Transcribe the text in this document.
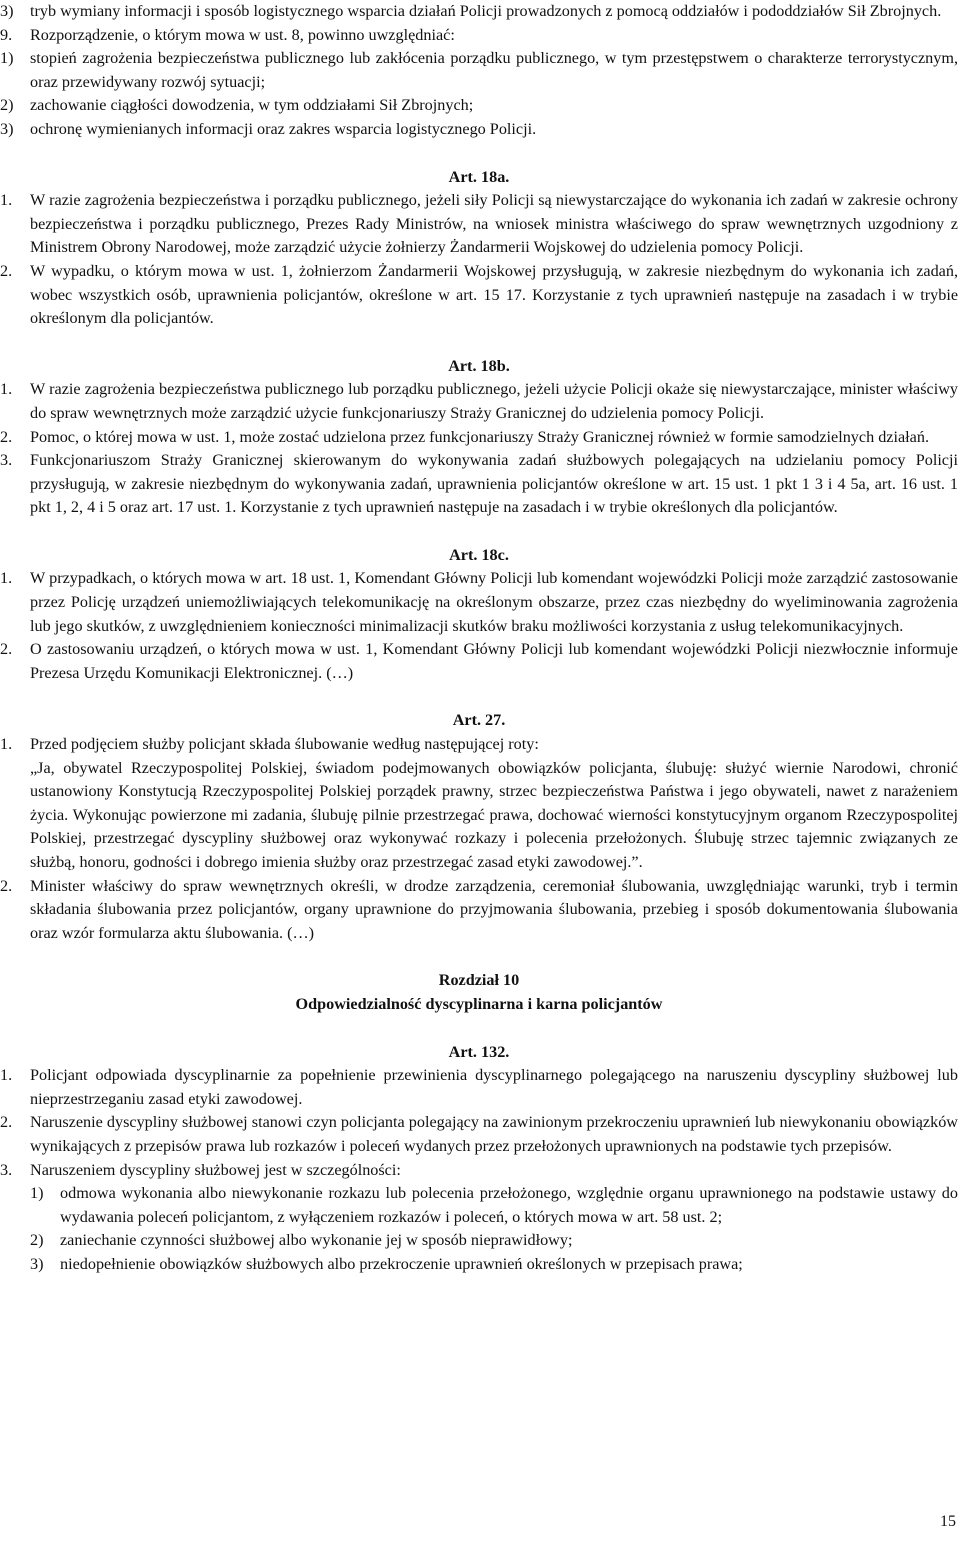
3)	tryb wymiany informacji i sposób logistycznego wsparcia działań Policji prowadzonych z pomocą oddziałów i pododdziałów Sił Zbrojnych.
9.	Rozporządzenie, o którym mowa w ust. 8, powinno uwzględniać:
1)	stopień zagrożenia bezpieczeństwa publicznego lub zakłócenia porządku publicznego, w tym przestępstwem o charakterze terrorystycznym, oraz przewidywany rozwój sytuacji;
2)	zachowanie ciągłości dowodzenia, w tym oddziałami Sił Zbrojnych;
3)	ochronę wymienianych informacji oraz zakres wsparcia logistycznego Policji.

Art. 18a.

1.	W razie zagrożenia bezpieczeństwa i porządku publicznego, jeżeli siły Policji są niewystarczające do wykonania ich zadań w zakresie ochrony bezpieczeństwa i porządku publicznego, Prezes Rady Ministrów, na wniosek ministra właściwego do spraw wewnętrznych uzgodniony z Ministrem Obrony Narodowej, może zarządzić użycie żołnierzy Żandarmerii Wojskowej do udzielenia pomocy Policji.
2.	W wypadku, o którym mowa w ust. 1, żołnierzom Żandarmerii Wojskowej przysługują, w zakresie niezbędnym do wykonania ich zadań, wobec wszystkich osób, uprawnienia policjantów, określone w art. 15 17. Korzystanie z tych uprawnień następuje na zasadach i w trybie określonym dla policjantów.

Art. 18b.

1.	W razie zagrożenia bezpieczeństwa publicznego lub porządku publicznego, jeżeli użycie Policji okaże się niewystarczające, minister właściwy do spraw wewnętrznych może zarządzić użycie funkcjonariuszy Straży Granicznej do udzielenia pomocy Policji.
2.	Pomoc, o której mowa w ust. 1, może zostać udzielona przez funkcjonariuszy Straży Granicznej również w formie samodzielnych działań.
3.	Funkcjonariuszom Straży Granicznej skierowanym do wykonywania zadań służbowych polegających na udzielaniu pomocy Policji przysługują, w zakresie niezbędnym do wykonywania zadań, uprawnienia policjantów określone w art. 15 ust. 1 pkt 1 3 i 4 5a, art. 16 ust. 1 pkt 1, 2, 4 i 5 oraz art. 17 ust. 1. Korzystanie z tych uprawnień następuje na zasadach i w trybie określonych dla policjantów.

Art. 18c.

1.	W przypadkach, o których mowa w art. 18 ust. 1, Komendant Główny Policji lub komendant wojewódzki Policji może zarządzić zastosowanie przez Policję urządzeń uniemożliwiających telekomunikację na określonym obszarze, przez czas niezbędny do wyeliminowania zagrożenia lub jego skutków, z uwzględnieniem konieczności minimalizacji skutków braku możliwości korzystania z usług telekomunikacyjnych.
2.	O zastosowaniu urządzeń, o których mowa w ust. 1, Komendant Główny Policji lub komendant wojewódzki Policji niezwłocznie informuje Prezesa Urzędu Komunikacji Elektronicznej. (…)

Art. 27.

1.	Przed podjęciem służby policjant składa ślubowanie według następującej roty:

„Ja, obywatel Rzeczypospolitej Polskiej, świadom podejmowanych obowiązków policjanta, ślubuję: służyć wiernie Narodowi, chronić ustanowiony Konstytucją Rzeczypospolitej Polskiej porządek prawny, strzec bezpieczeństwa Państwa i jego obywateli, nawet z narażeniem życia. Wykonując powierzone mi zadania, ślubuję pilnie przestrzegać prawa, dochować wierności konstytucyjnym organom Rzeczypospolitej Polskiej, przestrzegać dyscypliny służbowej oraz wykonywać rozkazy i polecenia przełożonych. Ślubuję strzec tajemnic związanych ze służbą, honoru, godności i dobrego imienia służby oraz przestrzegać zasad etyki zawodowej.”.

2.	Minister właściwy do spraw wewnętrznych określi, w drodze zarządzenia, ceremoniał ślubowania, uwzględniając warunki, tryb i termin składania ślubowania przez policjantów, organy uprawnione do przyjmowania ślubowania, przebieg i sposób dokumentowania ślubowania oraz wzór formularza aktu ślubowania. (…)

Rozdział 10

Odpowiedzialność dyscyplinarna i karna policjantów

Art. 132.

1.	Policjant odpowiada dyscyplinarnie za popełnienie przewinienia dyscyplinarnego polegającego na naruszeniu dyscypliny służbowej lub nieprzestrzeganiu zasad etyki zawodowej.
2.	Naruszenie dyscypliny służbowej stanowi czyn policjanta polegający na zawinionym przekroczeniu uprawnień lub niewykonaniu obowiązków wynikających z przepisów prawa lub rozkazów i poleceń wydanych przez przełożonych uprawnionych na podstawie tych przepisów.
3.	Naruszeniem dyscypliny służbowej jest w szczególności:

1)	odmowa wykonania albo niewykonanie rozkazu lub polecenia przełożonego, względnie organu uprawnionego na podstawie ustawy do wydawania poleceń policjantom, z wyłączeniem rozkazów i poleceń, o których mowa w art. 58 ust. 2;
2)	zaniechanie czynności służbowej albo wykonanie jej w sposób nieprawidłowy;
3)	niedopełnienie obowiązków służbowych albo przekroczenie uprawnień określonych w przepisach prawa;
15
